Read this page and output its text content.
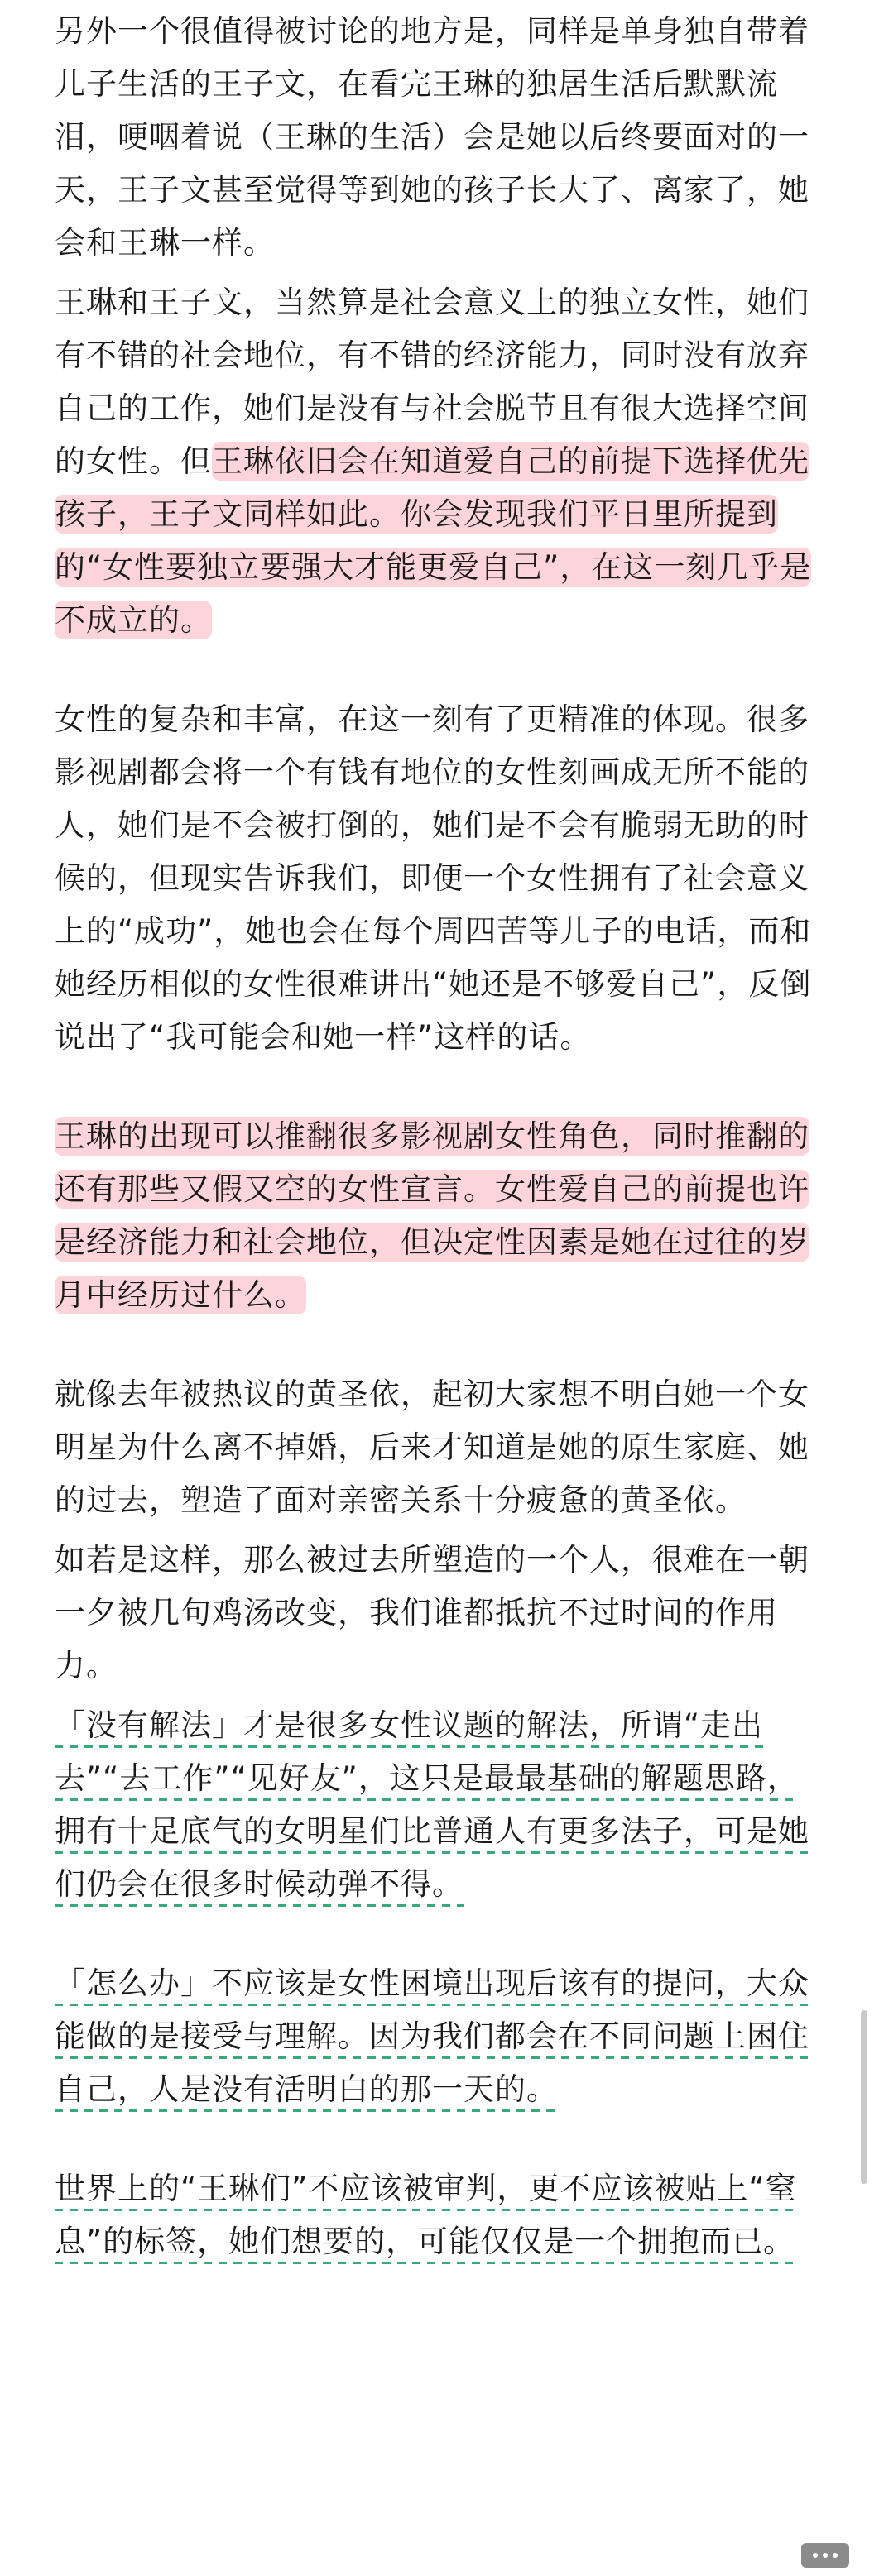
另外一个很值得被讨论的地方是，同样是单身独自带着儿子生活的王子文，在看完王琳的独居生活后默默流泪，哽咽着说（王琳的生活）会是她以后终要面对的一天，王子文甚至觉得等到她的孩子长大了、离家了，她会和王琳一样。

王琳和王子文，当然算是社会意义上的独立女性，她们有不错的社会地位，有不错的经济能力，同时没有放弃自己的工作，她们是没有与社会脱节且有很大选择空间的女性。但王琳依旧会在知道爱自己的前提下选择优先孩子，王子文同样如此。你会发现我们平日里所提到的“女性要独立要强大才能更爱自己”，在这一刻几乎是不成立的。

女性的复杂和丰富，在这一刻有了更精准的体现。很多影视剧都会将一个有钱有地位的女性刻画成无所不能的人，她们是不会被打倒的，她们是不会有脆弱无助的时候的，但现实告诉我们，即便一个女性拥有了社会意义上的“成功”，她也会在每个周四苦等儿子的电话，而和她经历相似的女性很难讲出“她还是不够爱自己”，反倒说出了“我可能会和她一样”这样的话。

王琳的出现可以推翻很多影视剧女性角色，同时推翻的还有那些又假又空的女性宣言。女性爱自己的前提也许是经济能力和社会地位，但决定性因素是她在过往的岁月中经历过什么。

就像去年被热议的黄圣依，起初大家想不明白她一个女明星为什么离不掉婚，后来才知道是她的原生家庭、她的过去，塑造了面对亲密关系十分疲惫的黄圣依。

如若是这样，那么被过去所塑造的一个人，很难在一朝一夕被几句鸡汤改变，我们谁都抵抗不过时间的作用力。

「没有解法」才是很多女性议题的解法，所谓“走出去”“去工作”“见好友”，这只是最最基础的解题思路，拥有十足底气的女明星们比普通人有更多法子，可是她们仍会在很多时候动弹不得。

「怎么办」不应该是女性困境出现后该有的提问，大众能做的是接受与理解。因为我们都会在不同问题上困住自己，人是没有活明白的那一天的。

世界上的“王琳们”不应该被审判，更不应该被贴上“窒息”的标签，她们想要的，可能仅仅是一个拥抱而已。
